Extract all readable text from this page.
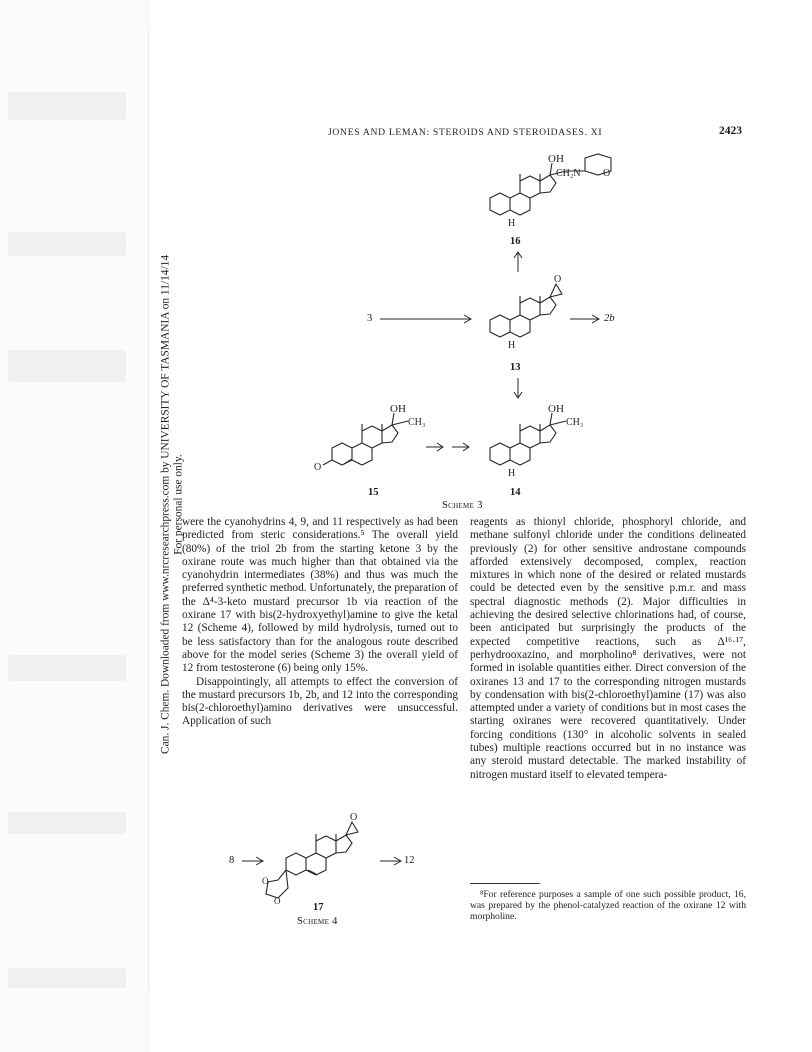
Can. J. Chem. Downloaded from www.nrcresearchpress.com by UNIVERSITY OF TASMANIA on 11/14/14 For personal use only.
JONES AND LEMAN: STEROIDS AND STEROIDASES. XI	2423
OH
CH₂N O
H
16
O
H
3	→ 2b
13
OH
CH₃
O
15
OH
CH₃
H
14
Scheme 3

were the cyanohydrins 4, 9, and 11 respectively as had been predicted from steric considerations.⁵ The overall yield (80%) of the triol 2b from the starting ketone 3 by the oxirane route was much higher than that obtained via the cyanohydrin intermediates (38%) and thus was much the preferred synthetic method. Unfortunately, the preparation of the Δ⁴-3-keto mustard precursor 1b via reaction of the oxirane 17 with bis(2-hydroxyethyl)amine to give the ketal 12 (Scheme 4), followed by mild hydrolysis, turned out to be less satisfactory than for the analogous route described above for the model series (Scheme 3) the overall yield of 12 from testosterone (6) being only 15%.

Disappointingly, all attempts to effect the conversion of the mustard precursors 1b, 2b, and 12 into the corresponding bis(2-chloroethyl)amino derivatives were unsuccessful. Application of such

reagents as thionyl chloride, phosphoryl chloride, and methane sulfonyl chloride under the conditions delineated previously (2) for other sensitive androstane compounds afforded extensively decomposed, complex, reaction mixtures in which none of the desired or related mustards could be detected even by the sensitive p.m.r. and mass spectral diagnostic methods (2). Major difficulties in achieving the desired selective chlorinations had, of course, been anticipated but surprisingly the products of the expected competitive reactions, such as Δ¹⁶·¹⁷, perhydrooxazino, and morpholino⁸ derivatives, were not formed in isolable quantities either. Direct conversion of the oxiranes 13 and 17 to the corresponding nitrogen mustards by condensation with bis(2-chloroethyl)amine (17) was also attempted under a variety of conditions but in most cases the starting oxiranes were recovered quantitatively. Under forcing conditions (130° in alcoholic solvents in sealed tubes) multiple reactions occurred but in no instance was any steroid mustard detectable. The marked instability of nitrogen mustard itself to elevated tempera-

8 →
O
O
O
→ 12
17
Scheme 4

⁸For reference purposes a sample of one such possible product, 16, was prepared by the phenol-catalyzed reaction of the oxirane 12 with morpholine.
